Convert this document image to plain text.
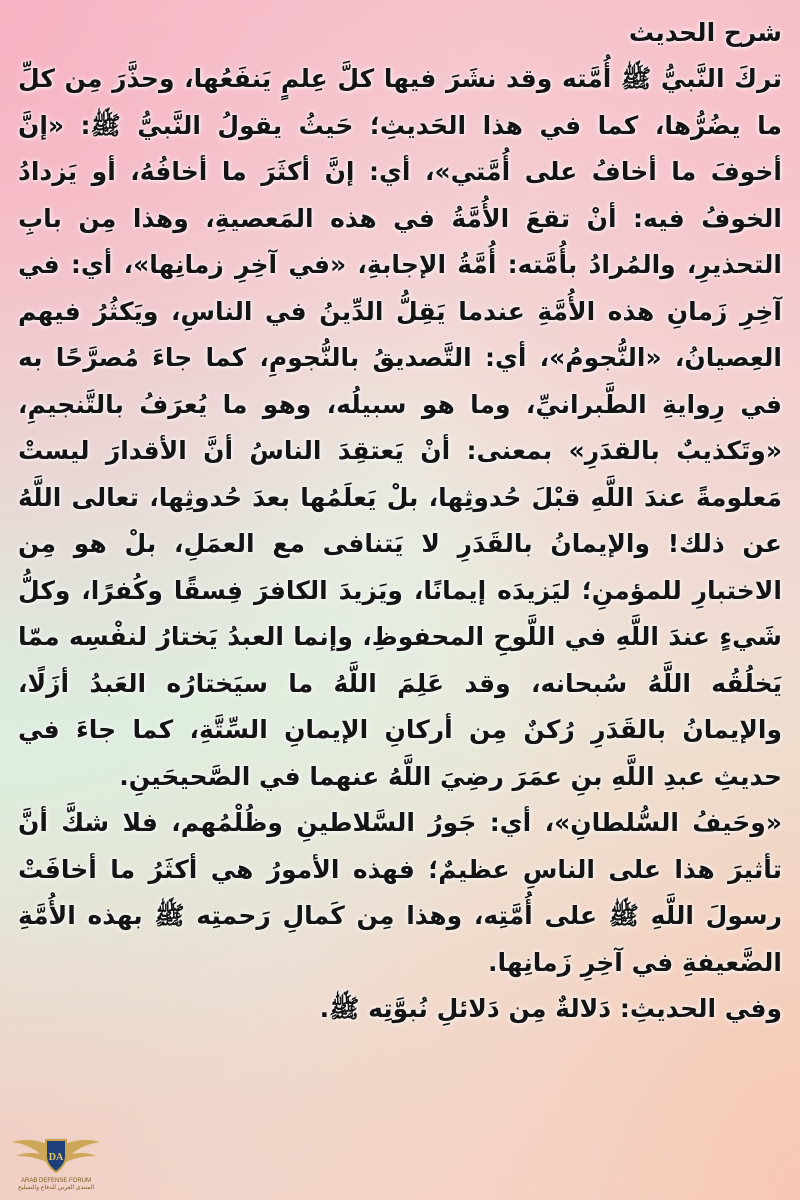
شرح الحديث

تركَ النَّبيُّ ﷺ أُمَّته وقد نشَرَ فيها كلَّ عِلمٍ يَنفَعُها، وحذَّرَ مِن كلِّ ما يضُرُّها، كما في هذا الحَديثِ؛ حَيثُ يقولُ النَّبيُّ ﷺ: «إنَّ أخوفَ ما أخافُ على أُمَّتي»، أي: إنَّ أكثَرَ ما أخافُهُ، أو يَزدادُ الخوفُ فيه: أنْ تقعَ الأُمَّةُ في هذه المَعصيةِ، وهذا مِن بابِ التحذيرِ، والمُرادُ بأُمَّته: أُمَّةُ الإجابةِ، «في آخِرِ زمانِها»، أي: في آخِرِ زَمانِ هذه الأُمَّةِ عندما يَقِلُّ الدِّينُ في الناسِ، ويَكثُرُ فيهم العِصيانُ، «النُّجومُ»، أي: التَّصديقُ بالنُّجومِ، كما جاءَ مُصرَّحًا به في رِوايةِ الطَّبرانيِّ، وما هو سبيلُه، وهو ما يُعرَفُ بالتَّنجيمِ، «وتَكذيبٌ بالقدَرِ» بمعنى: أنْ يَعتقِدَ الناسُ أنَّ الأقدارَ ليستْ مَعلومةً عندَ اللَّهِ قبْلَ حُدوثِها، بلْ يَعلَمُها بعدَ حُدوثِها، تعالى اللَّهُ عن ذلك! والإيمانُ بالقَدَرِ لا يَتنافى مع العمَلِ، بلْ هو مِن الاختبارِ للمؤمنِ؛ ليَزيدَه إيمانًا، ويَزيدَ الكافرَ فِسقًا وكُفرًا، وكلُّ شَيءٍ عندَ اللَّهِ في اللَّوحِ المحفوظِ، وإنما العبدُ يَختارُ لنفْسِه ممّا يَخلُقُه اللَّهُ سُبحانه، وقد عَلِمَ اللَّهُ ما سيَختارُه العَبدُ أزَلًا، والإيمانُ بالقَدَرِ رُكنٌ مِن أركانِ الإيمانِ السِّتَّةِ، كما جاءَ في حديثِ عبدِ اللَّهِ بنِ عمَرَ رضِيَ اللَّهُ عنهما في الصَّحيحَينِ.

«وحَيفُ السُّلطانِ»، أي: جَورُ السَّلاطينِ وظُلْمُهم، فلا شكَّ أنَّ تأثيرَ هذا على الناسِ عظيمٌ؛ فهذه الأمورُ هي أكثَرُ ما أخافَتْ رسولَ اللَّهِ ﷺ على أُمَّتِه، وهذا مِن كَمالِ رَحمتِه ﷺ بهذه الأُمَّةِ الضَّعيفةِ في آخِرِ زَمانِها.

وفي الحديثِ: دَلالةٌ مِن دَلائلِ نُبوَّتِه ﷺ.

DA
ARAB DEFENSE FORUM
المنتدى العربي للدفاع والتسليح
